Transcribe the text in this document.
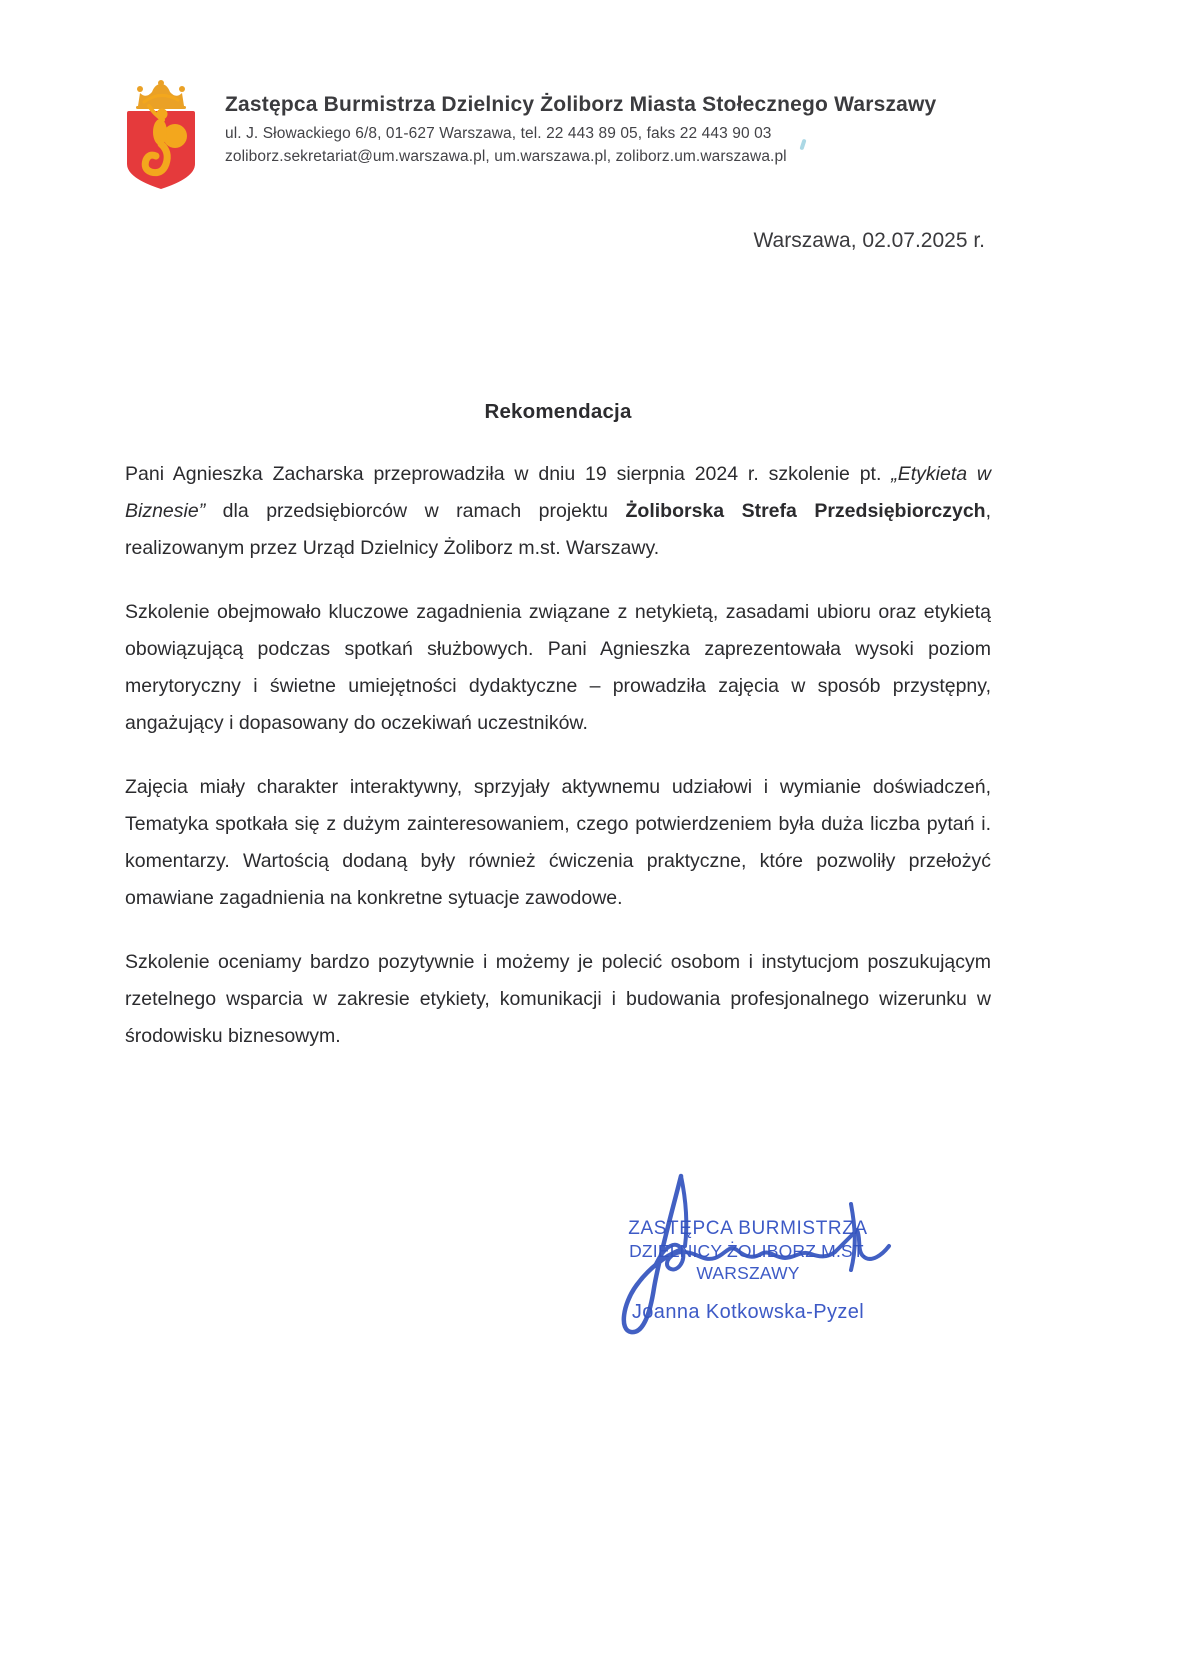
Zastępca Burmistrza Dzielnicy Żoliborz Miasta Stołecznego Warszawy
ul. J. Słowackiego 6/8, 01-627 Warszawa, tel. 22 443 89 05, faks 22 443 90 03
zoliborz.sekretariat@um.warszawa.pl, um.warszawa.pl, zoliborz.um.warszawa.pl
Warszawa, 02.07.2025 r.
Rekomendacja

Pani Agnieszka Zacharska przeprowadziła w dniu 19 sierpnia 2024 r. szkolenie pt. „Etykieta w Biznesie” dla przedsiębiorców w ramach projektu Żoliborska Strefa Przedsiębiorczych, realizowanym przez Urząd Dzielnicy Żoliborz m.st. Warszawy.

Szkolenie obejmowało kluczowe zagadnienia związane z netykietą, zasadami ubioru oraz etykietą obowiązującą podczas spotkań służbowych. Pani Agnieszka zaprezentowała wysoki poziom merytoryczny i świetne umiejętności dydaktyczne – prowadziła zajęcia w sposób przystępny, angażujący i dopasowany do oczekiwań uczestników.

Zajęcia miały charakter interaktywny, sprzyjały aktywnemu udziałowi i wymianie doświadczeń, Tematyka spotkała się z dużym zainteresowaniem, czego potwierdzeniem była duża liczba pytań i. komentarzy. Wartością dodaną były również ćwiczenia praktyczne, które pozwoliły przełożyć omawiane zagadnienia na konkretne sytuacje zawodowe.

Szkolenie oceniamy bardzo pozytywnie i możemy je polecić osobom i instytucjom poszukującym rzetelnego wsparcia w zakresie etykiety, komunikacji i budowania profesjonalnego wizerunku w środowisku biznesowym.

ZASTĘPCA BURMISTRZA
DZIELNICY ŻOLIBORZ M.ST. WARSZAWY
Joanna Kotkowska-Pyzel
